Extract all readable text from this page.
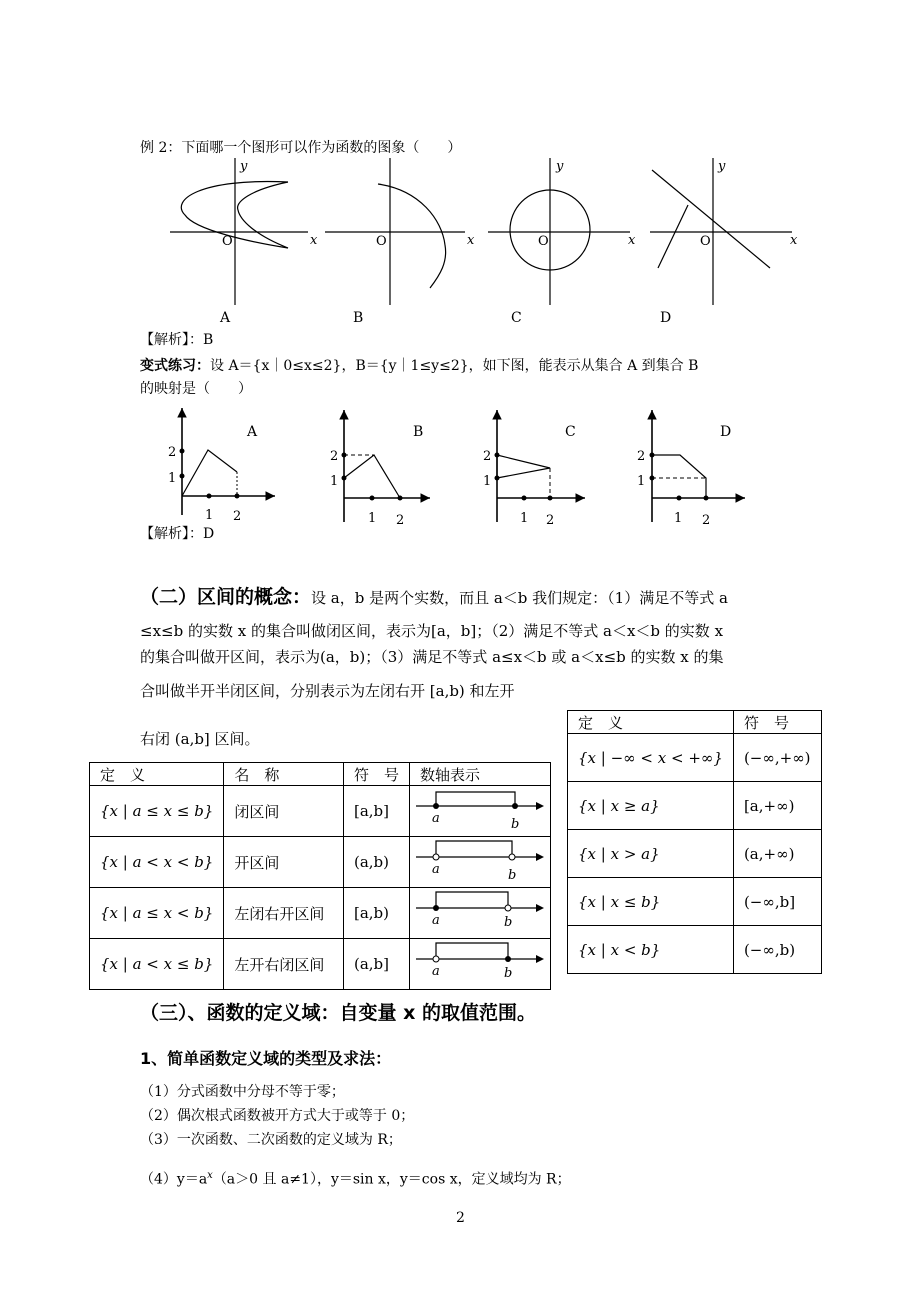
例 2：下面哪一个图形可以作为函数的图象（　　）
y
x
O	x
O
y
x
O
y
x
O
A	B	C	D
【解析】：B
变式练习：设 A＝{x｜0≤x≤2}，B＝{y｜1≤y≤2}，如下图，能表示从集合 A 到集合 B
的映射是（　　）
2
1
1 2
A
2
1
1 2
B
2
1
1 2
C
2
1
1 2
D
【解析】：D
（二）区间的概念：设 a，b 是两个实数，而且 a＜b 我们规定：（1）满足不等式 a
≤x≤b 的实数 x 的集合叫做闭区间，表示为[a，b]；（2）满足不等式 a＜x＜b 的实数 x
的集合叫做开区间，表示为(a，b)；（3）满足不等式 a≤x＜b 或 a＜x≤b 的实数 x 的集
合叫做半开半闭区间，分别表示为左闭右开 [a,b) 和左开
右闭 (a,b] 区间。
定　义	名　称	符　号	数轴表示
{x | a ≤ x ≤ b}	闭区间	[a,b]	a b

{x | a < x < b}	开区间	(a,b)	a b

{x | a ≤ x < b}	左闭右开区间	[a,b)	a b

{x | a < x ≤ b}	左开右闭区间	(a,b]	a b
定　义	符　号
{x | −∞ < x < +∞}	(−∞,+∞)
{x | x ≥ a}	[a,+∞)
{x | x > a}	(a,+∞)
{x | x ≤ b}	(−∞,b]
{x | x < b}	(−∞,b)
（三）、函数的定义域：自变量 x 的取值范围。
1、简单函数定义域的类型及求法：
（1）分式函数中分母不等于零；
（2）偶次根式函数被开方式大于或等于 0；
（3）一次函数、二次函数的定义域为 R；
$(4)y=a^x(a>0$ 且 a≠1），y＝sin x，y＝cos x，定义域均为 R；
2
